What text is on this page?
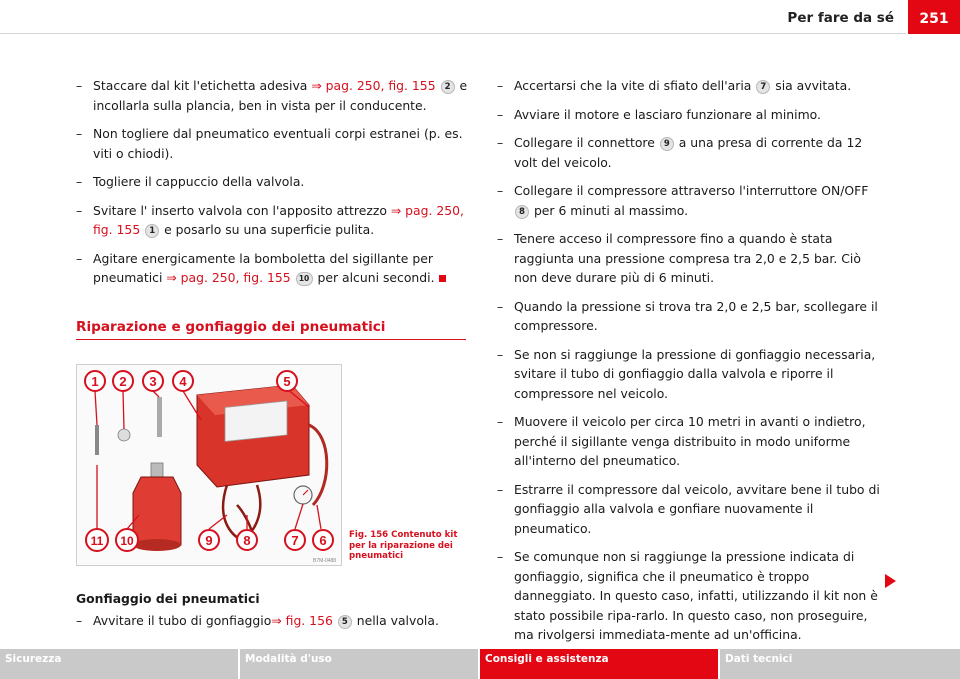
Per fare da sé	251
– Staccare dal kit l'etichetta adesiva ⇒ pag. 250, fig. 155 2 e incollarla sulla plancia, ben in vista per il conducente.
– Non togliere dal pneumatico eventuali corpi estranei (p. es. viti o chiodi).
– Togliere il cappuccio della valvola.
– Svitare l' inserto valvola con l'apposito attrezzo ⇒ pag. 250, fig. 155 1 e posarlo su una superficie pulita.
– Agitare energicamente la bomboletta del sigillante per pneumatici ⇒ pag. 250, fig. 155 10 per alcuni secondi.
Riparazione e gonfiaggio dei pneumatici
1 2 3 4	5
6
7
8
9
10
11
B7M-0488
Fig. 156 Contenuto kit per la riparazione dei pneumatici
Gonfiaggio dei pneumatici
– Avvitare il tubo di gonfiaggio⇒ fig. 156 5 nella valvola.
– Accertarsi che la vite di sfiato dell'aria 7 sia avvitata.
– Avviare il motore e lasciaro funzionare al minimo.
– Collegare il connettore 9 a una presa di corrente da 12 volt del veicolo.
– Collegare il compressore attraverso l'interruttore ON/OFF 8 per 6 minuti al massimo.
– Tenere acceso il compressore fino a quando è stata raggiunta una pressione compresa tra 2,0 e 2,5 bar. Ciò non deve durare più di 6 minuti.
– Quando la pressione si trova tra 2,0 e 2,5 bar, scollegare il compressore.
– Se non si raggiunge la pressione di gonfiaggio necessaria, svitare il tubo di gonfiaggio dalla valvola e riporre il compressore nel veicolo.
– Muovere il veicolo per circa 10 metri in avanti o indietro, perché il sigillante venga distribuito in modo uniforme all'interno del pneumatico.
– Estrarre il compressore dal veicolo, avvitare bene il tubo di gonfiaggio alla valvola e gonfiare nuovamente il pneumatico.
– Se comunque non si raggiunge la pressione indicata di gonfiaggio, significa che il pneumatico è troppo danneggiato. In questo caso, infatti, utilizzando il kit non è stato possibile ripa-rarlo. In questo caso, non proseguire, ma rivolgersi immediata-mente ad un'officina.
Sicurezza	Modalità d'uso	Consigli e assistenza	Dati tecnici
